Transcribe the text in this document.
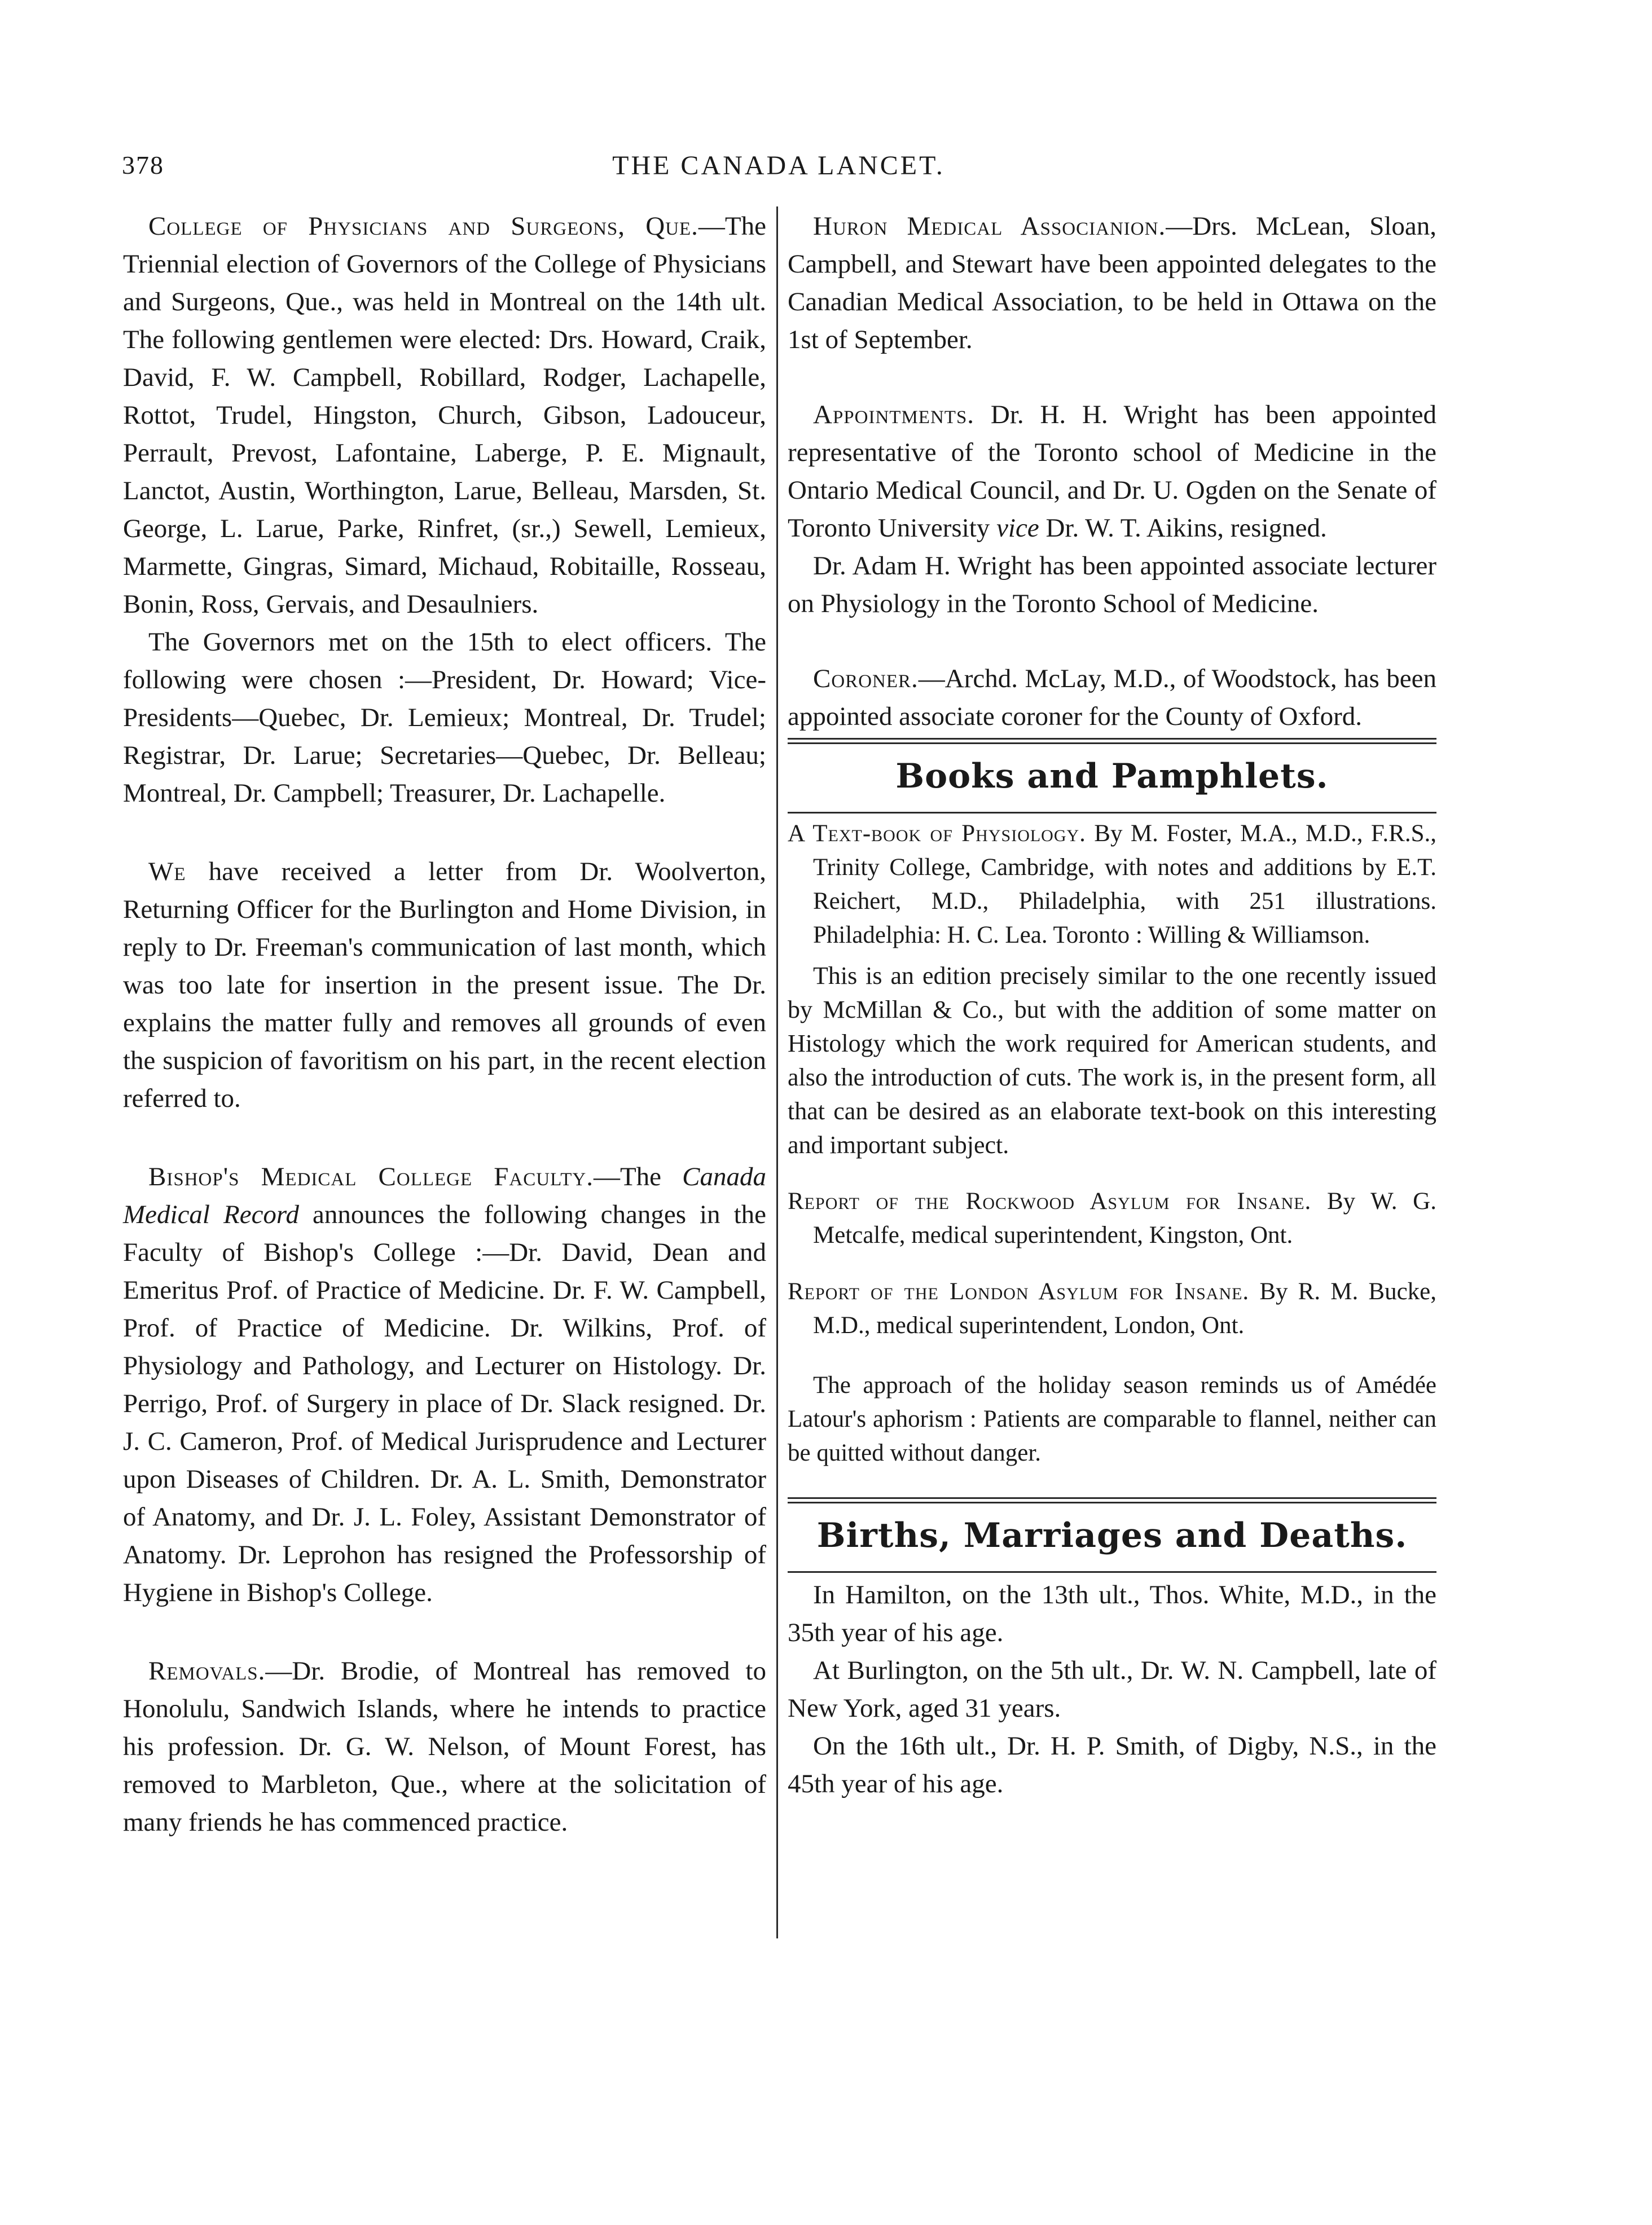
378	THE CANADA LANCET.

College of Physicians and Surgeons, Que.—The Triennial election of Governors of the College of Physicians and Surgeons, Que., was held in Montreal on the 14th ult. The following gentlemen were elected: Drs. Howard, Craik, David, F. W. Campbell, Robillard, Rodger, Lachapelle, Rottot, Trudel, Hingston, Church, Gibson, Ladouceur, Perrault, Prevost, Lafontaine, Laberge, P. E. Mignault, Lanctot, Austin, Worthington, Larue, Belleau, Marsden, St. George, L. Larue, Parke, Rinfret, (sr.,) Sewell, Lemieux, Marmette, Gingras, Simard, Michaud, Robitaille, Rosseau, Bonin, Ross, Gervais, and Desaulniers.

The Governors met on the 15th to elect officers. The following were chosen :—President, Dr. Howard; Vice-Presidents—Quebec, Dr. Lemieux; Montreal, Dr. Trudel; Registrar, Dr. Larue; Secretaries—Quebec, Dr. Belleau; Montreal, Dr. Campbell; Treasurer, Dr. Lachapelle.

We have received a letter from Dr. Woolverton, Returning Officer for the Burlington and Home Division, in reply to Dr. Freeman's communication of last month, which was too late for insertion in the present issue. The Dr. explains the matter fully and removes all grounds of even the suspicion of favoritism on his part, in the recent election referred to.

Bishop's Medical College Faculty.—The Canada Medical Record announces the following changes in the Faculty of Bishop's College :—Dr. David, Dean and Emeritus Prof. of Practice of Medicine. Dr. F. W. Campbell, Prof. of Practice of Medicine. Dr. Wilkins, Prof. of Physiology and Pathology, and Lecturer on Histology. Dr. Perrigo, Prof. of Surgery in place of Dr. Slack resigned. Dr. J. C. Cameron, Prof. of Medical Jurisprudence and Lecturer upon Diseases of Children. Dr. A. L. Smith, Demonstrator of Anatomy, and Dr. J. L. Foley, Assistant Demonstrator of Anatomy. Dr. Leprohon has resigned the Professorship of Hygiene in Bishop's College.

Removals.—Dr. Brodie, of Montreal has removed to Honolulu, Sandwich Islands, where he intends to practice his profession. Dr. G. W. Nelson, of Mount Forest, has removed to Marbleton, Que., where at the solicitation of many friends he has commenced practice.

Huron Medical Associanion.—Drs. McLean, Sloan, Campbell, and Stewart have been appointed delegates to the Canadian Medical Association, to be held in Ottawa on the 1st of September.

Appointments. Dr. H. H. Wright has been appointed representative of the Toronto school of Medicine in the Ontario Medical Council, and Dr. U. Ogden on the Senate of Toronto University vice Dr. W. T. Aikins, resigned.

Dr. Adam H. Wright has been appointed associate lecturer on Physiology in the Toronto School of Medicine.

Coroner.—Archd. McLay, M.D., of Woodstock, has been appointed associate coroner for the County of Oxford.

Books and Pamphlets.

A Text-book of Physiology. By M. Foster, M.A., M.D., F.R.S., Trinity College, Cambridge, with notes and additions by E.T. Reichert, M.D., Philadelphia, with 251 illustrations. Philadelphia: H. C. Lea. Toronto : Willing & Williamson.

This is an edition precisely similar to the one recently issued by McMillan & Co., but with the addition of some matter on Histology which the work required for American students, and also the introduction of cuts. The work is, in the present form, all that can be desired as an elaborate text-book on this interesting and important subject.

Report of the Rockwood Asylum for Insane. By W. G. Metcalfe, medical superintendent, Kingston, Ont.

Report of the London Asylum for Insane. By R. M. Bucke, M.D., medical superintendent, London, Ont.

The approach of the holiday season reminds us of Amédée Latour's aphorism : Patients are comparable to flannel, neither can be quitted without danger.

Births, Marriages and Deaths.

In Hamilton, on the 13th ult., Thos. White, M.D., in the 35th year of his age.

At Burlington, on the 5th ult., Dr. W. N. Campbell, late of New York, aged 31 years.

On the 16th ult., Dr. H. P. Smith, of Digby, N.S., in the 45th year of his age.
